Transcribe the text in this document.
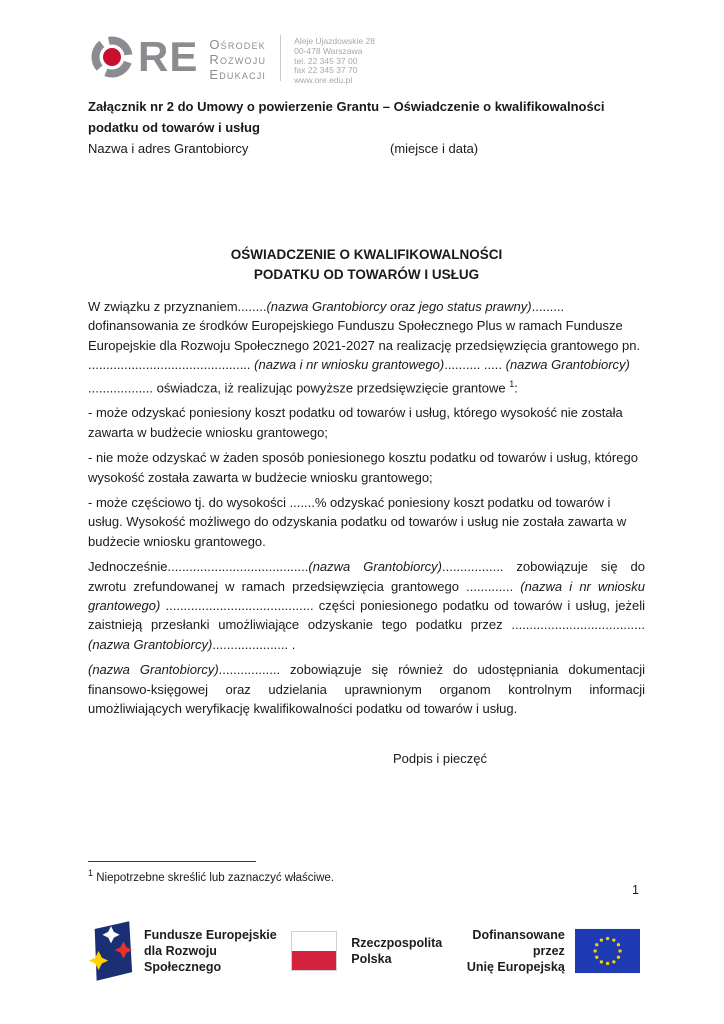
RE Ośrodek
Rozwoju
Edukacji
Aleje Ujazdowskie 28
00-478 Warszawa
tel. 22 345 37 00
fax 22 345 37 70
www.ore.edu.pl
Załącznik nr 2 do Umowy o powierzenie Grantu – Oświadczenie o kwalifikowalności podatku od towarów i usług
Nazwa i adres Grantobiorcy	(miejsce i data)
OŚWIADCZENIE O KWALIFIKOWALNOŚCI
PODATKU OD TOWARÓW I USŁUG

W związku z przyznaniem........(nazwa Grantobiorcy oraz jego status prawny)......... dofinansowania ze środków Europejskiego Funduszu Społecznego Plus w ramach Fundusze Europejskie dla Rozwoju Społecznego 2021-2027 na realizację przedsięwzięcia grantowego pn. ............................................. (nazwa i nr wniosku grantowego).......... ..... (nazwa Grantobiorcy) .................. oświadcza, iż realizując powyższe przedsięwzięcie grantowe $^1$:

- może odzyskać poniesiony koszt podatku od towarów i usług, którego wysokość nie została zawarta w budżecie wniosku grantowego;

- nie może odzyskać w żaden sposób poniesionego kosztu podatku od towarów i usług, którego wysokość została zawarta w budżecie wniosku grantowego;

- może częściowo tj. do wysokości .......% odzyskać poniesiony koszt podatku od towarów i usług. Wysokość możliwego do odzyskania podatku od towarów i usług nie została zawarta w budżecie wniosku grantowego.

Jednocześnie.......................................(nazwa Grantobiorcy)................. zobowiązuje się do zwrotu zrefundowanej w ramach przedsięwzięcia grantowego ............. (nazwa i nr wniosku grantowego) ......................................... części poniesionego podatku od towarów i usług, jeżeli zaistnieją przesłanki umożliwiające odzyskanie tego podatku przez .....................................(nazwa Grantobiorcy)..................... .

(nazwa Grantobiorcy)................. zobowiązuje się również do udostępniania dokumentacji finansowo-księgowej oraz udzielania uprawnionym organom kontrolnym informacji umożliwiających weryfikację kwalifikowalności podatku od towarów i usług.

Podpis i pieczęć
$^1$ Niepotrzebne skreślić lub zaznaczyć właściwe.
1
Fundusze Europejskie
dla Rozwoju Społecznego
Rzeczpospolita
Polska
Dofinansowane przez
Unię Europejską
